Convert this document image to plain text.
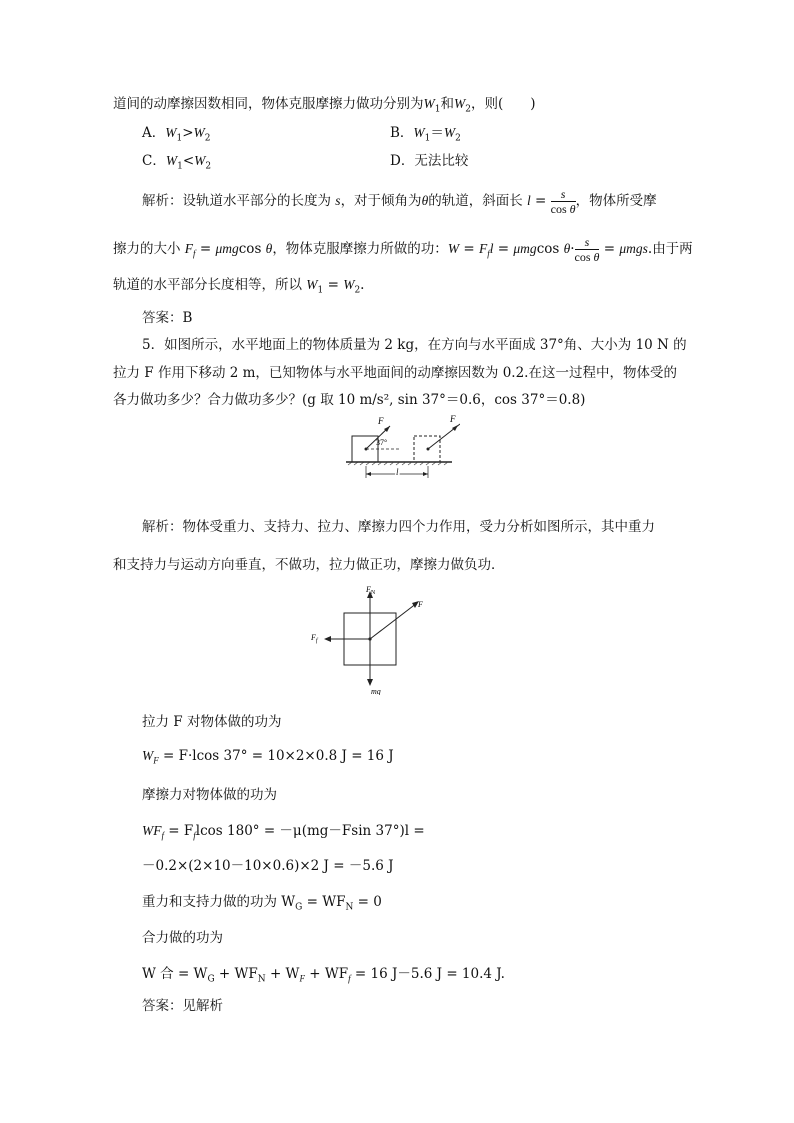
道间的动摩擦因数相同，物体克服摩擦力做功分别为$W_1$和$W_2$，则(　　)
A．$W_1>W_2$	B．$W_1=W_2$
C．$W_1<W_2$	D．无法比较
解析：设轨道水平部分的长度为 s，对于倾角为θ的轨道，斜面长 $l = \frac{s}{\text{cos θ}}$ ，物体所受摩
擦力的大小 $F_f = \mu mgcos$ θ，物体克服摩擦力所做的功：$W = F_fl = \mu mgcos$ $\theta\cdot \frac{s}{\text{cos θ}} = \mu mgs$.由于两
轨道的水平部分长度相等，所以 $W_1 = W_2$.
答案：B
5．如图所示，水平地面上的物体质量为 2 kg，在方向与水平面成 37°角、大小为 10 N 的
拉力 F 作用下移动 2 m，已知物体与水平地面间的动摩擦因数为 0.2.在这一过程中，物体受的
各力做功多少？合力做功多少？(g 取 10 m/s², sin 37°＝0.6，cos 37°＝0.8)
F	F
37°
l
解析：物体受重力、支持力、拉力、摩擦力四个力作用，受力分析如图所示，其中重力
和支持力与运动方向垂直，不做功，拉力做正功，摩擦力做负功．
$F_N$
F
$F_f$
mg
拉力 F 对物体做的功为
$W_F = F\cdot lcos$ 37° = 10×2×0.8 J = 16 J
摩擦力对物体做的功为
$WF_f = F_flcos$ 180° = －μ(mg－Fsin 37°)l =
－0.2×(2×10－10×0.6)×2 J = －5.6 J
重力和支持力做的功为 $W_G = WF_N = 0$
合力做的功为
W 合 = $W_G + WF_N + W_F + WF_f = 16$ J－5.6 J = 10.4 J.
答案：见解析
